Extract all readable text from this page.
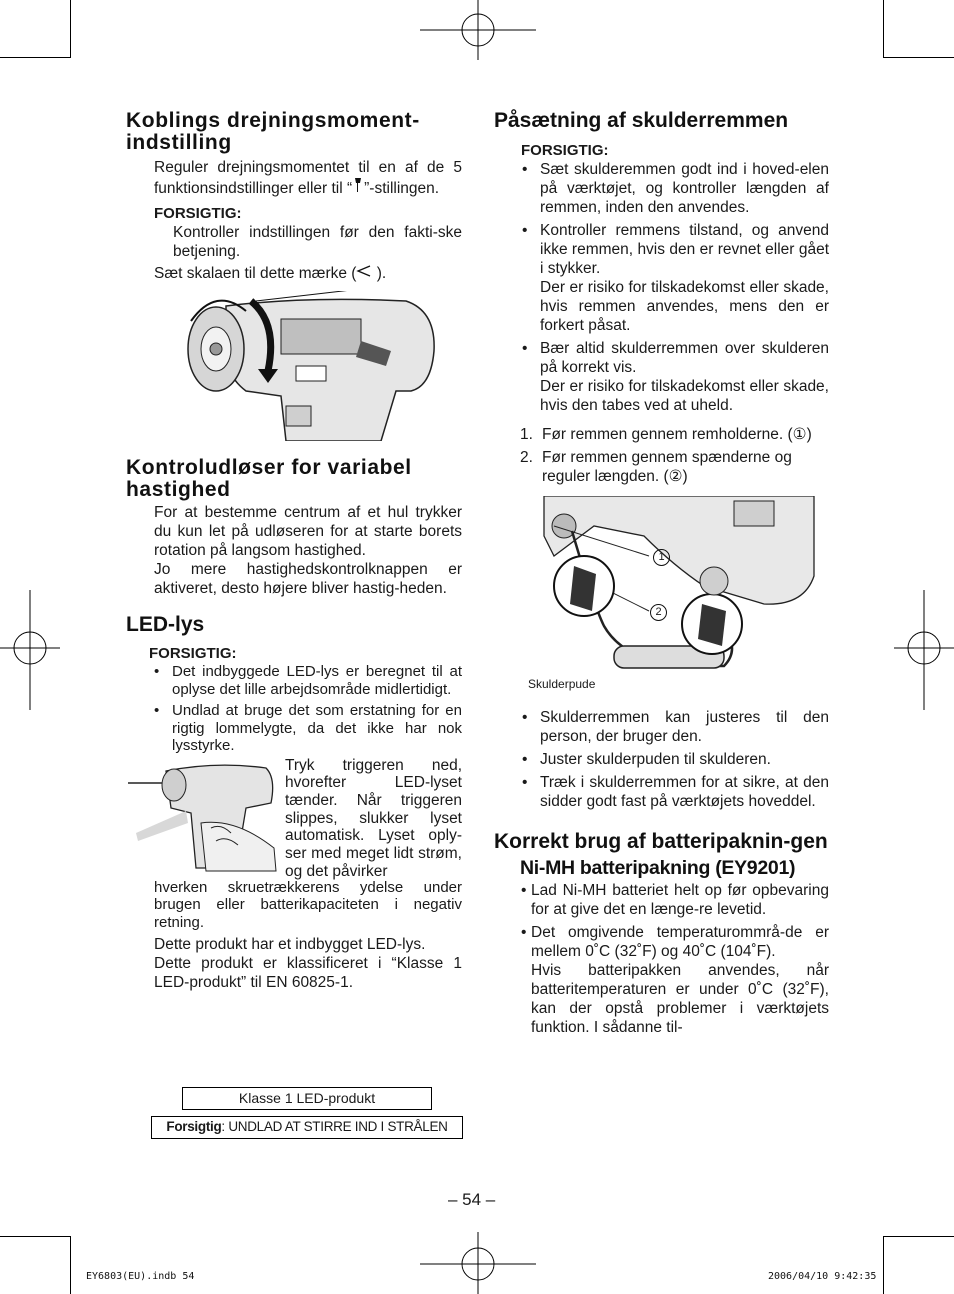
Koblings drejningsmoment-indstilling
Reguler drejningsmomentet til en af de 5 funktionsindstillinger eller til “ ”-stillingen.
FORSIGTIG:
Kontroller indstillingen før den fakti-ske betjening.
Sæt skalaen til dette mærke ( ).
Kontroludløser for variabel hastighed
For at bestemme centrum af et hul trykker du kun let på udløseren for at starte borets rotation på langsom hastighed.
Jo mere hastighedskontrolknappen er aktiveret, desto højere bliver hastig-heden.
LED-lys
FORSIGTIG:
• Det indbyggede LED-lys er beregnet til at oplyse det lille arbejdsområde midlertidigt.
• Undlad at bruge det som erstatning for en rigtig lommelygte, da det ikke har nok lysstyrke.
Tryk triggeren ned, hvorefter LED-lyset tænder. Når triggeren slippes, slukker lyset automatisk. Lyset oply-ser med meget lidt strøm, og det påvirker
hverken skruetrækkerens ydelse under brugen eller batterikapaciteten i negativ retning.
Dette produkt har et indbygget LED-lys.
Dette produkt er klassificeret i “Klasse 1 LED-produkt” til EN 60825-1.
Klasse 1 LED-produkt
Forsigtig: UNDLAD AT STIRRE IND I STRÅLEN
Påsætning af skulderremmen
FORSIGTIG:
• Sæt skulderemmen godt ind i hoved-elen på værktøjet, og kontroller længden af remmen, inden den anvendes.
• Kontroller remmens tilstand, og anvend ikke remmen, hvis den er revnet eller gået i stykker.
Der er risiko for tilskadekomst eller skade, hvis remmen anvendes, mens den er forkert påsat.
• Bær altid skulderremmen over skulderen på korrekt vis.
Der er risiko for tilskadekomst eller skade, hvis den tabes ved at uheld.
1. Før remmen gennem remholderne. (①)
2. Før remmen gennem spænderne og reguler længden. (②)
1
2
Skulderpude
• Skulderremmen kan justeres til den person, der bruger den.
• Juster skulderpuden til skulderen.
• Træk i skulderremmen for at sikre, at den sidder godt fast på værktøjets hoveddel.
Korrekt brug af batteripaknin-gen
Ni-MH batteripakning (EY9201)
• Lad Ni-MH batteriet helt op før opbevaring for at give det en længe-re levetid.
• Det omgivende temperaturommrå-de er mellem 0˚C (32˚F) og 40˚C (104˚F).
Hvis batteripakken anvendes, når batteritemperaturen er under 0˚C (32˚F), kan der opstå problemer i værktøjets funktion. I sådanne til-
– 54 –
EY6803(EU).indb 54	2006/04/10 9:42:35
